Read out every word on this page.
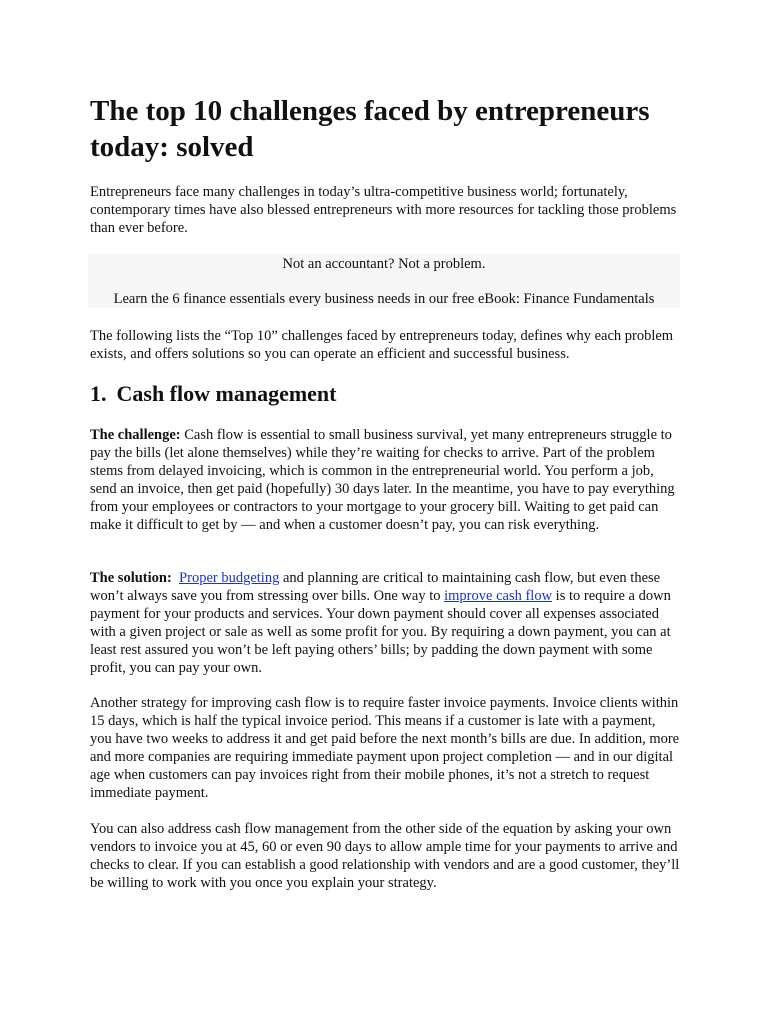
The top 10 challenges faced by entrepreneurs today: solved

Entrepreneurs face many challenges in today’s ultra-competitive business world; fortunately, contemporary times have also blessed entrepreneurs with more resources for tackling those problems than ever before.

Not an accountant? Not a problem.
Learn the 6 finance essentials every business needs in our free eBook: Finance Fundamentals

The following lists the “Top 10” challenges faced by entrepreneurs today, defines why each problem exists, and offers solutions so you can operate an efficient and successful business.

1. Cash flow management

The challenge: Cash flow is essential to small business survival, yet many entrepreneurs struggle to pay the bills (let alone themselves) while they’re waiting for checks to arrive. Part of the problem stems from delayed invoicing, which is common in the entrepreneurial world. You perform a job, send an invoice, then get paid (hopefully) 30 days later. In the meantime, you have to pay everything from your employees or contractors to your mortgage to your grocery bill. Waiting to get paid can make it difficult to get by — and when a customer doesn’t pay, you can risk everything.

The solution: Proper budgeting and planning are critical to maintaining cash flow, but even these won’t always save you from stressing over bills. One way to improve cash flow is to require a down payment for your products and services. Your down payment should cover all expenses associated with a given project or sale as well as some profit for you. By requiring a down payment, you can at least rest assured you won’t be left paying others’ bills; by padding the down payment with some profit, you can pay your own.

Another strategy for improving cash flow is to require faster invoice payments. Invoice clients within 15 days, which is half the typical invoice period. This means if a customer is late with a payment, you have two weeks to address it and get paid before the next month’s bills are due. In addition, more and more companies are requiring immediate payment upon project completion — and in our digital age when customers can pay invoices right from their mobile phones, it’s not a stretch to request immediate payment.

You can also address cash flow management from the other side of the equation by asking your own vendors to invoice you at 45, 60 or even 90 days to allow ample time for your payments to arrive and checks to clear. If you can establish a good relationship with vendors and are a good customer, they’ll be willing to work with you once you explain your strategy.
